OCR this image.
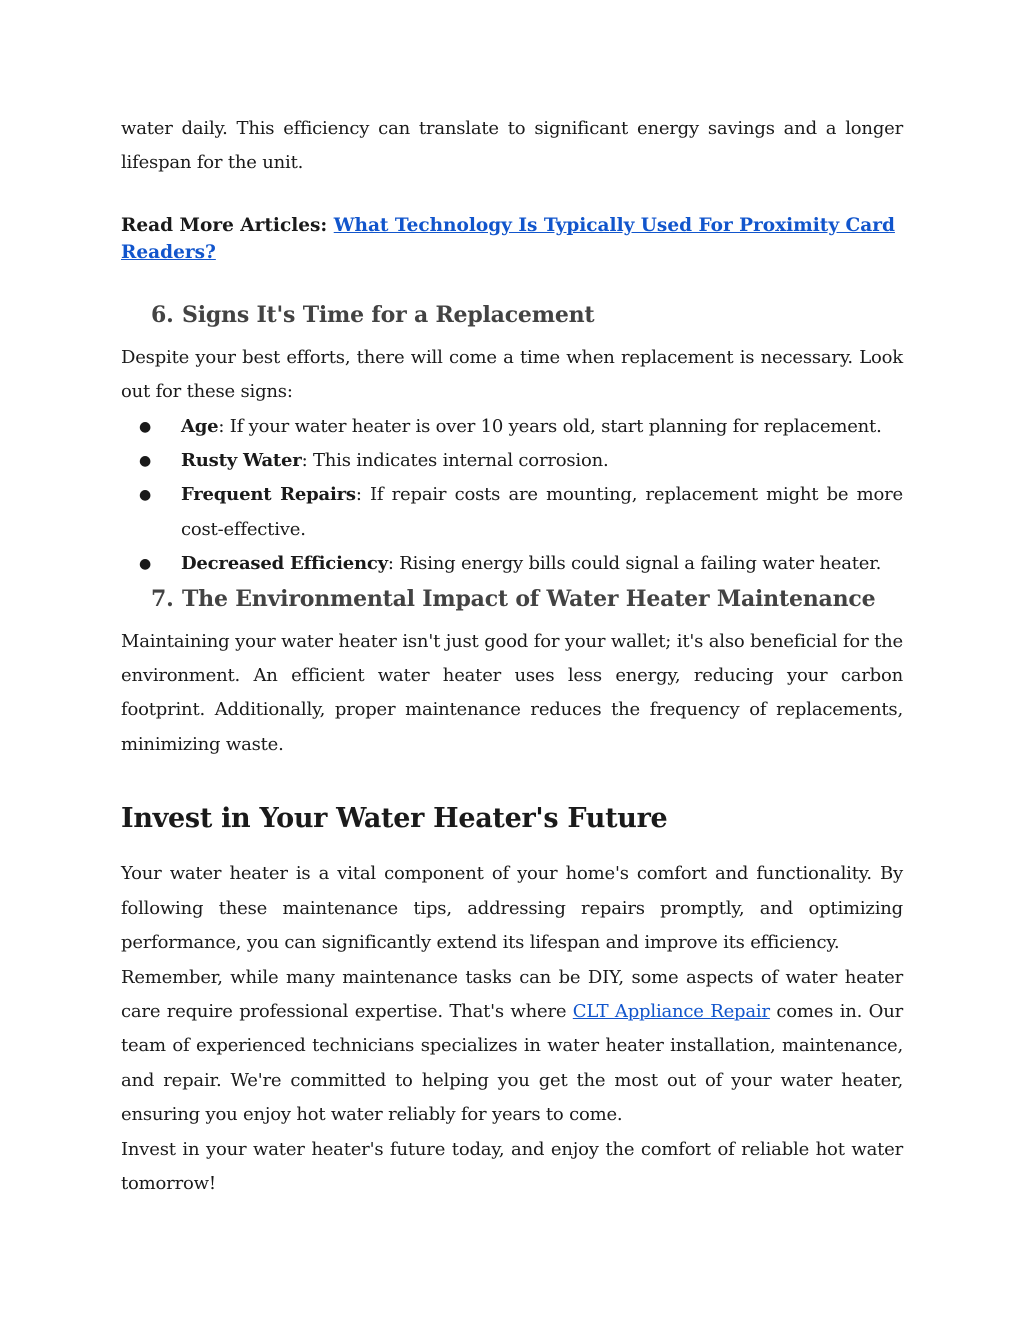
water daily. This efficiency can translate to significant energy savings and a longer lifespan for the unit.

Read More Articles: What Technology Is Typically Used For Proximity Card Readers?
6. Signs It's Time for a Replacement

Despite your best efforts, there will come a time when replacement is necessary. Look out for these signs:

● Age: If your water heater is over 10 years old, start planning for replacement.
● Rusty Water: This indicates internal corrosion.
● Frequent Repairs: If repair costs are mounting, replacement might be more cost-effective.
● Decreased Efficiency: Rising energy bills could signal a failing water heater.
7. The Environmental Impact of Water Heater Maintenance

Maintaining your water heater isn't just good for your wallet; it's also beneficial for the environment. An efficient water heater uses less energy, reducing your carbon footprint. Additionally, proper maintenance reduces the frequency of replacements, minimizing waste.

Invest in Your Water Heater's Future

Your water heater is a vital component of your home's comfort and functionality. By following these maintenance tips, addressing repairs promptly, and optimizing performance, you can significantly extend its lifespan and improve its efficiency.

Remember, while many maintenance tasks can be DIY, some aspects of water heater care require professional expertise. That's where CLT Appliance Repair comes in. Our team of experienced technicians specializes in water heater installation, maintenance, and repair. We're committed to helping you get the most out of your water heater, ensuring you enjoy hot water reliably for years to come.

Invest in your water heater's future today, and enjoy the comfort of reliable hot water tomorrow!
